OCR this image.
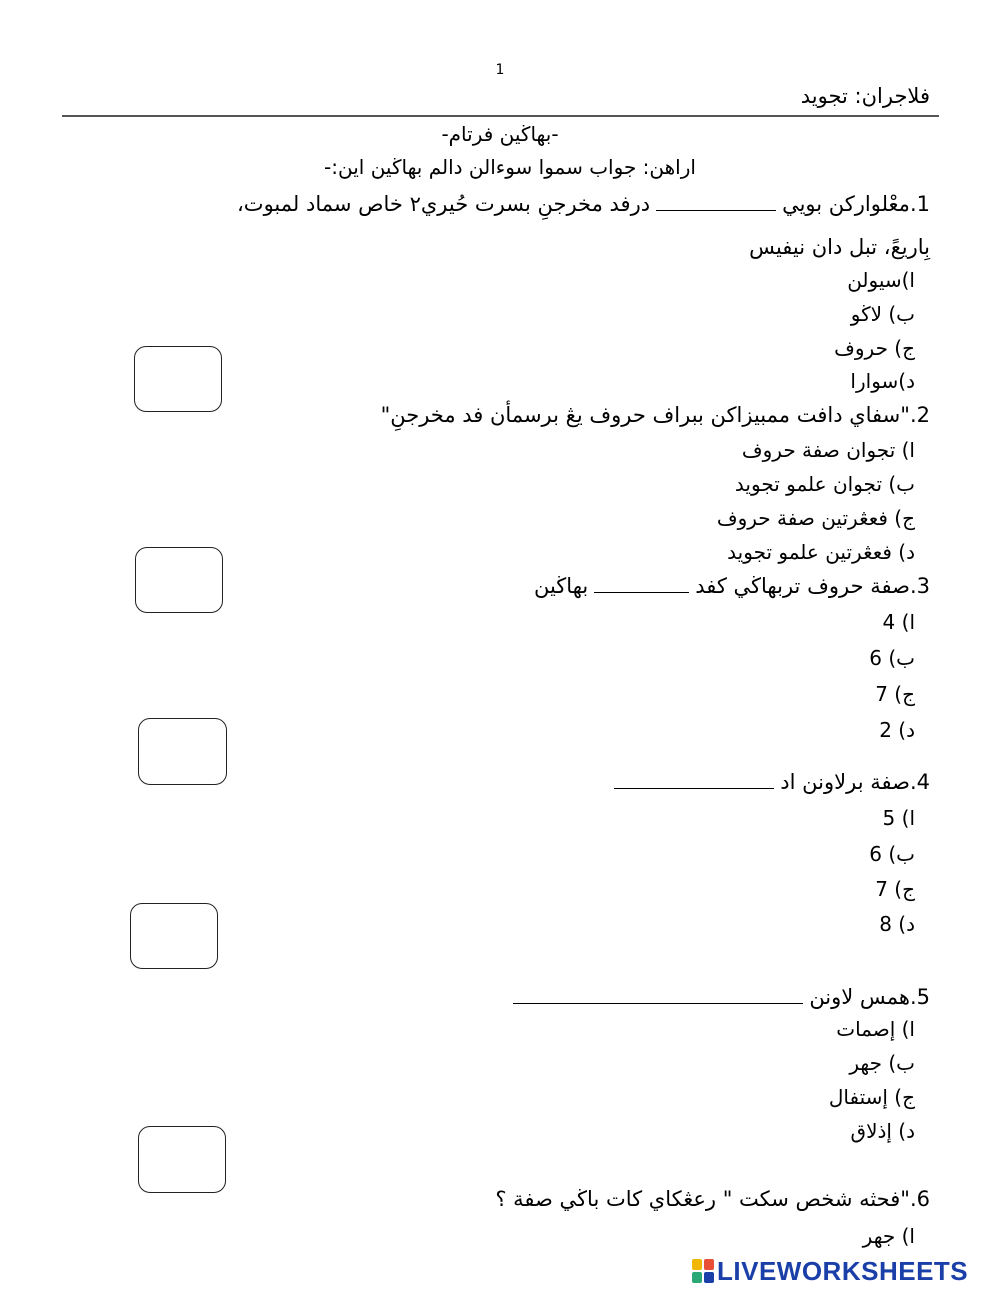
1
فلاجران: تجويد
-بهاڬين فرتام-
اراهن: جواب سموا سوءالن دالم بهاڬين اين:-
1.معْلواركن بوييدرفد مخرجنِ بسرت حُيري٢ خاص سماد لمبوت،
بِاريعً، تبل دان نيفيس
ا)سيولن
ب) لاڬو
ج) حروف
د)سوارا
2."سفاي دافت ممبيزاكن ببراف حروف يڠ برسمأن فد مخرجنِ"
ا) تجوان صفة حروف
ب) تجوان علمو تجويد
ج) فعڠرتين صفة حروف
د) فعڠرتين علمو تجويد
3.صفة حروف تربهاڬي كفدبهاڬين
ا) 4
ب) 6
ج) 7
د) 2
4.صفة برلاونن اد
ا) 5
ب) 6
ج) 7
د) 8
5.همس لاونن
ا) إصمات
ب) جهر
ج) إستفال
د) إذلاق
6."فحثه شخص سكت " رعڠكاي كات باڬي صفة ؟
ا) جهر
LIVEWORKSHEETS
